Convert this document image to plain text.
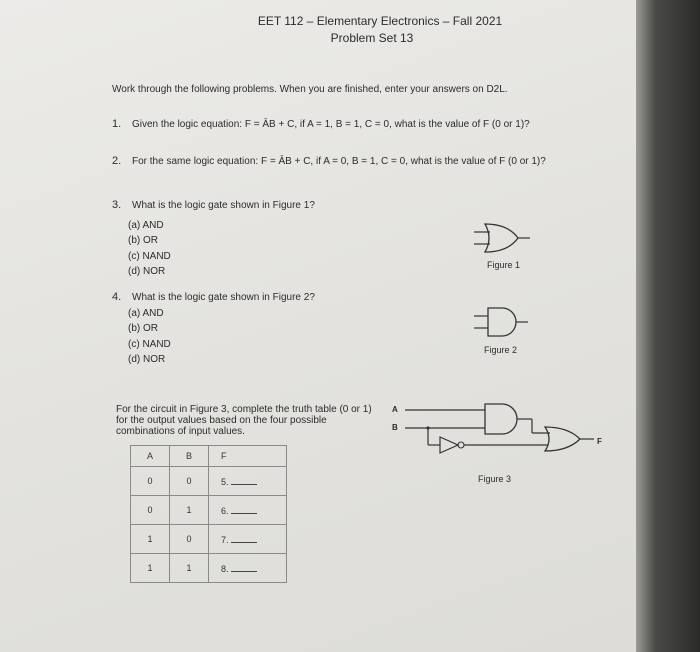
EET 112 – Elementary Electronics – Fall 2021
Problem Set 13
Work through the following problems. When you are finished, enter your answers on D2L.
1. Given the logic equation: F = ĀB + C, if A = 1, B = 1, C = 0, what is the value of F (0 or 1)?
2. For the same logic equation: F = ĀB + C, if A = 0, B = 1, C = 0, what is the value of F (0 or 1)?
3. What is the logic gate shown in Figure 1?
(a) AND
(b) OR
(c) NAND
(d) NOR
Figure 1
4. What is the logic gate shown in Figure 2?
(a) AND
(b) OR
(c) NAND
(d) NOR
Figure 2
For the circuit in Figure 3, complete the truth table (0 or 1)
for the output values based on the four possible
combinations of input values.
A
B
F
Figure 3
A	B	F
0	0	5.
0	1	6.
1	0	7.
1	1	8.
